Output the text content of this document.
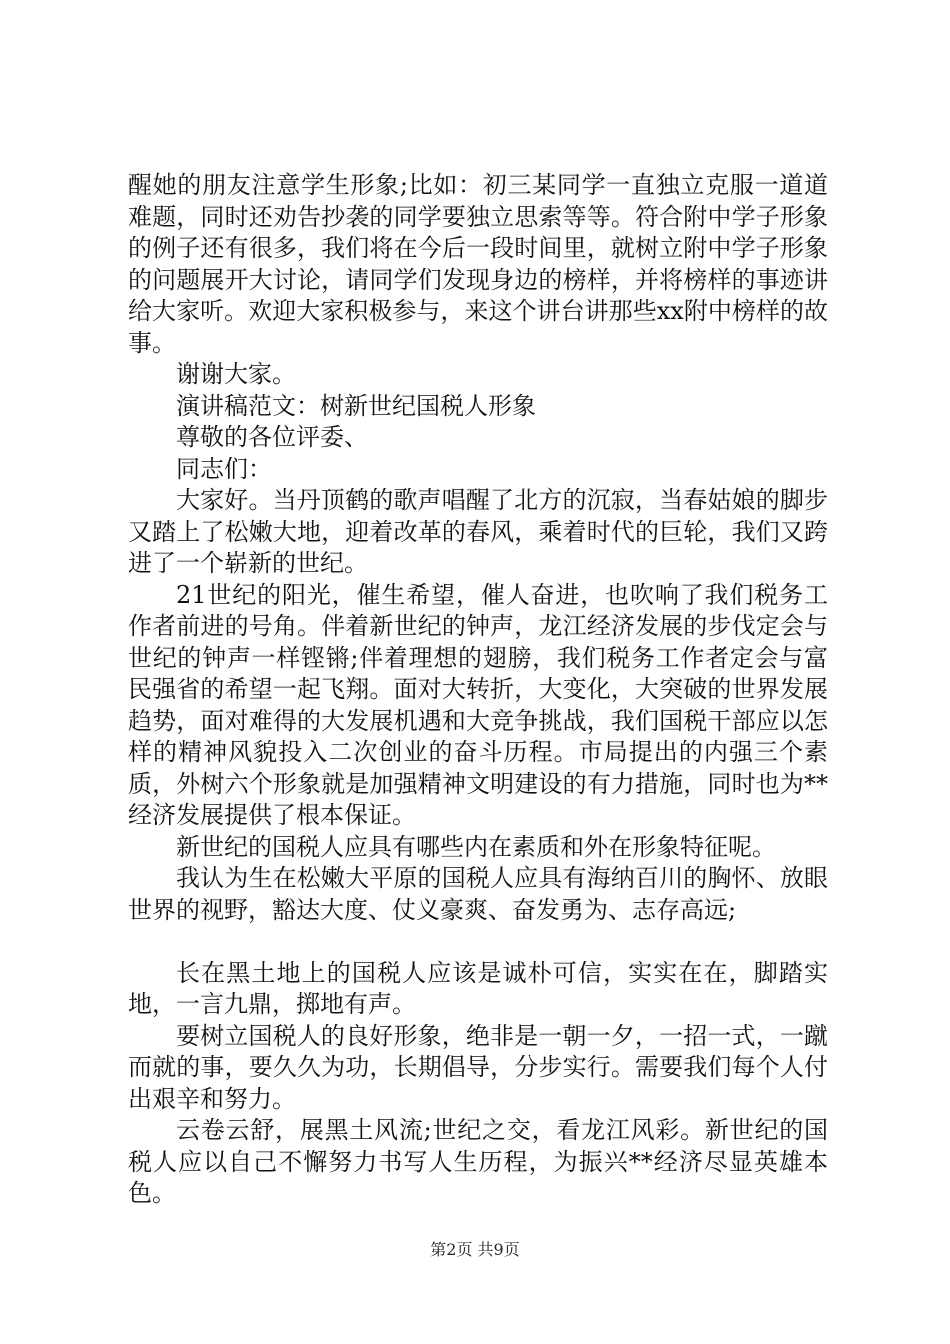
醒她的朋友注意学生形象;比如：初三某同学一直独立克服一道道难题，同时还劝告抄袭的同学要独立思索等等。符合附中学子形象的例子还有很多，我们将在今后一段时间里，就树立附中学子形象的问题展开大讨论，请同学们发现身边的榜样，并将榜样的事迹讲给大家听。欢迎大家积极参与，来这个讲台讲那些xx附中榜样的故事。

谢谢大家。

演讲稿范文：树新世纪国税人形象

尊敬的各位评委、

同志们：

大家好。当丹顶鹤的歌声唱醒了北方的沉寂，当春姑娘的脚步又踏上了松嫩大地，迎着改革的春风，乘着时代的巨轮，我们又跨进了一个崭新的世纪。

21世纪的阳光，催生希望，催人奋进，也吹响了我们税务工作者前进的号角。伴着新世纪的钟声，龙江经济发展的步伐定会与世纪的钟声一样铿锵;伴着理想的翅膀，我们税务工作者定会与富民强省的希望一起飞翔。面对大转折，大变化，大突破的世界发展趋势，面对难得的大发展机遇和大竞争挑战，我们国税干部应以怎样的精神风貌投入二次创业的奋斗历程。市局提出的内强三个素质，外树六个形象就是加强精神文明建设的有力措施，同时也为**经济发展提供了根本保证。

新世纪的国税人应具有哪些内在素质和外在形象特征呢。

我认为生在松嫩大平原的国税人应具有海纳百川的胸怀、放眼世界的视野，豁达大度、仗义豪爽、奋发勇为、志存高远;

长在黑土地上的国税人应该是诚朴可信，实实在在，脚踏实地，一言九鼎，掷地有声。

要树立国税人的良好形象，绝非是一朝一夕，一招一式，一蹴而就的事，要久久为功，长期倡导，分步实行。需要我们每个人付出艰辛和努力。

云卷云舒，展黑土风流;世纪之交，看龙江风彩。新世纪的国税人应以自己不懈努力书写人生历程，为振兴**经济尽显英雄本色。

第2页 共9页
